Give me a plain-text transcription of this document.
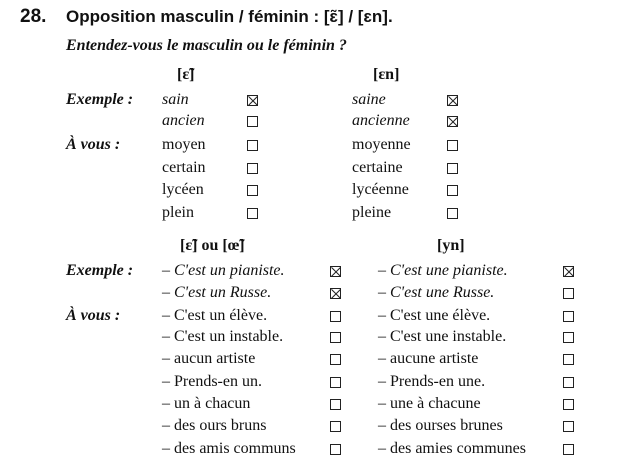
28. Opposition masculin / féminin : [ɛ̃] / [ɛn].
Entendez-vous le masculin ou le féminin ?
[ɛ̃]	[ɛn]
Exemple : sain	saine
ancien	ancienne
À vous :	moyen	moyenne
certain	certaine
lycéen	lycéenne
plein	pleine
[ɛ̃] ou [œ̃]	[yn]
Exemple : – C'est un pianiste.	– C'est une pianiste.
– C'est un Russe.	– C'est une Russe.
À vous :	– C'est un élève.	– C'est une élève.
– C'est un instable.	– C'est une instable.
– aucun artiste	– aucune artiste
– Prends-en un.	– Prends-en une.
– un à chacun	– une à chacune
– des ours bruns	– des ourses brunes
– des amis communs	– des amies communes
